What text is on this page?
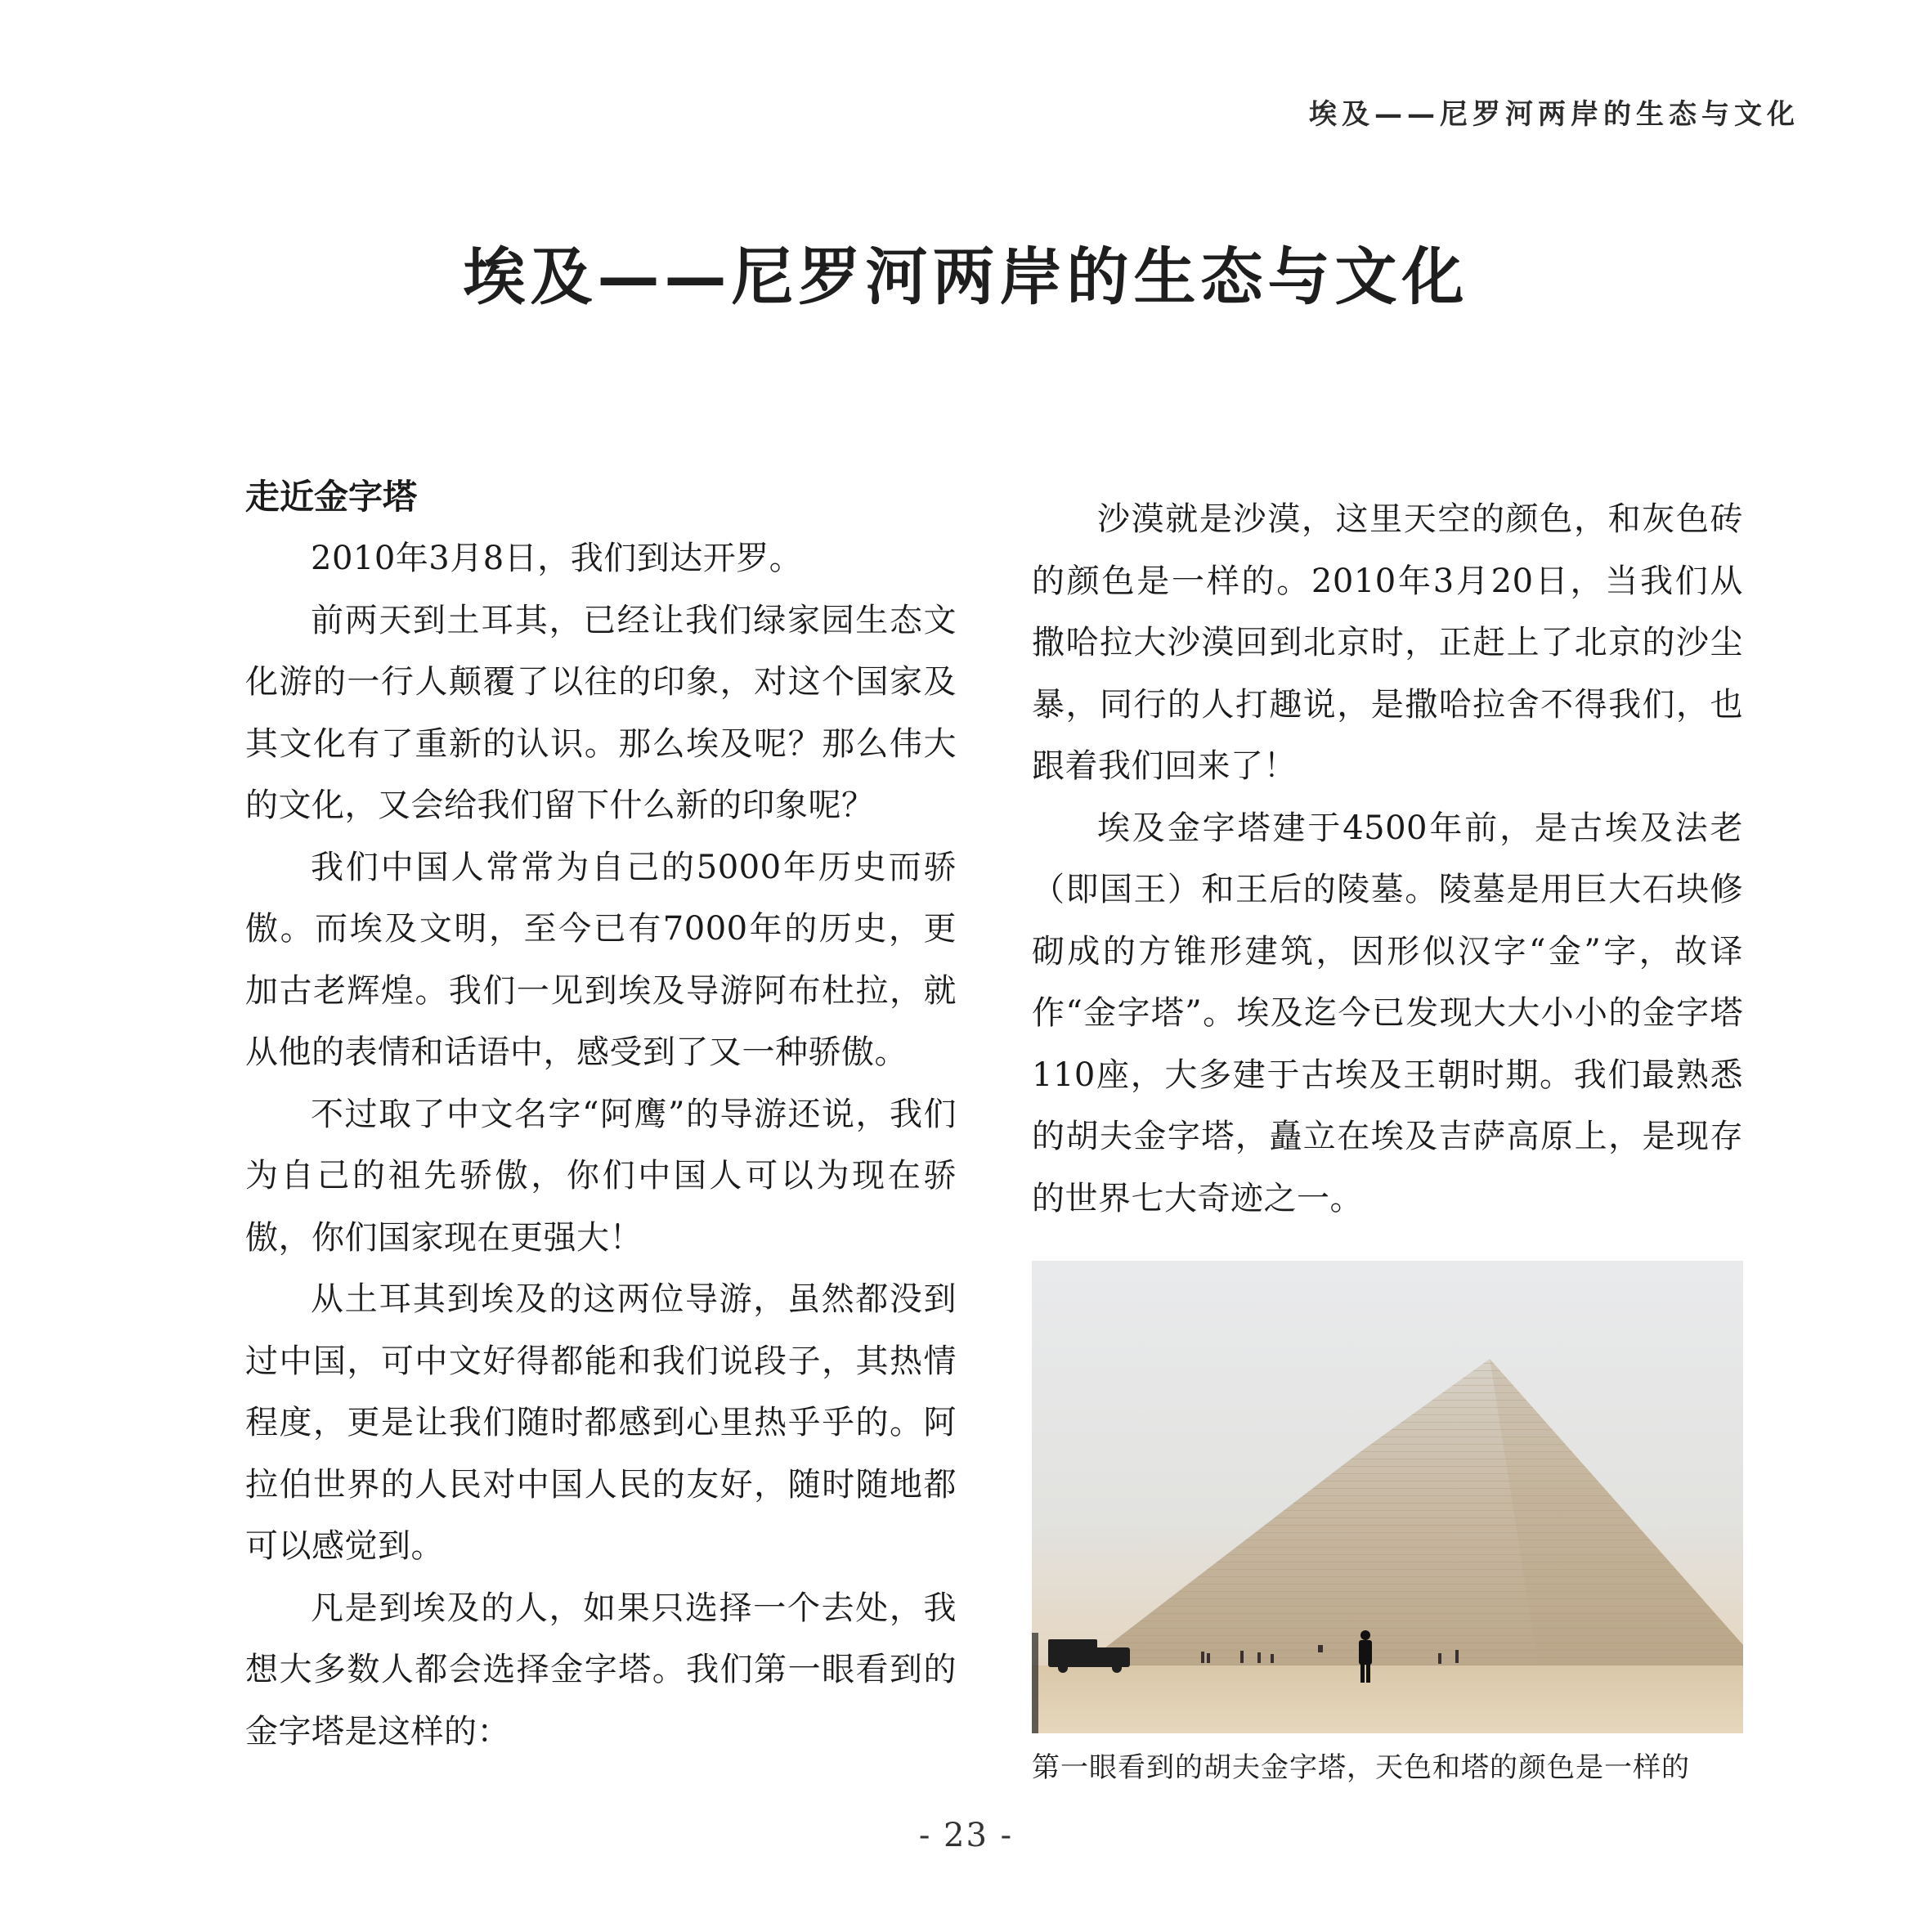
埃及——尼罗河两岸的生态与文化
埃及——尼罗河两岸的生态与文化
走近金字塔

2010年3月8日，我们到达开罗。

前两天到土耳其，已经让我们绿家园生态文化游的一行人颠覆了以往的印象，对这个国家及其文化有了重新的认识。那么埃及呢？那么伟大的文化，又会给我们留下什么新的印象呢？

我们中国人常常为自己的5000年历史而骄傲。而埃及文明，至今已有7000年的历史，更加古老辉煌。我们一见到埃及导游阿布杜拉，就从他的表情和话语中，感受到了又一种骄傲。

不过取了中文名字“阿鹰”的导游还说，我们为自己的祖先骄傲，你们中国人可以为现在骄傲，你们国家现在更强大！

从土耳其到埃及的这两位导游，虽然都没到过中国，可中文好得都能和我们说段子，其热情程度，更是让我们随时都感到心里热乎乎的。阿拉伯世界的人民对中国人民的友好，随时随地都可以感觉到。

凡是到埃及的人，如果只选择一个去处，我想大多数人都会选择金字塔。我们第一眼看到的金字塔是这样的：

沙漠就是沙漠，这里天空的颜色，和灰色砖的颜色是一样的。2010年3月20日，当我们从撒哈拉大沙漠回到北京时，正赶上了北京的沙尘暴，同行的人打趣说，是撒哈拉舍不得我们，也跟着我们回来了！

埃及金字塔建于4500年前，是古埃及法老（即国王）和王后的陵墓。陵墓是用巨大石块修砌成的方锥形建筑，因形似汉字“金”字，故译作“金字塔”。埃及迄今已发现大大小小的金字塔110座，大多建于古埃及王朝时期。我们最熟悉的胡夫金字塔，矗立在埃及吉萨高原上，是现存的世界七大奇迹之一。

第一眼看到的胡夫金字塔，天色和塔的颜色是一样的
- 23 -
